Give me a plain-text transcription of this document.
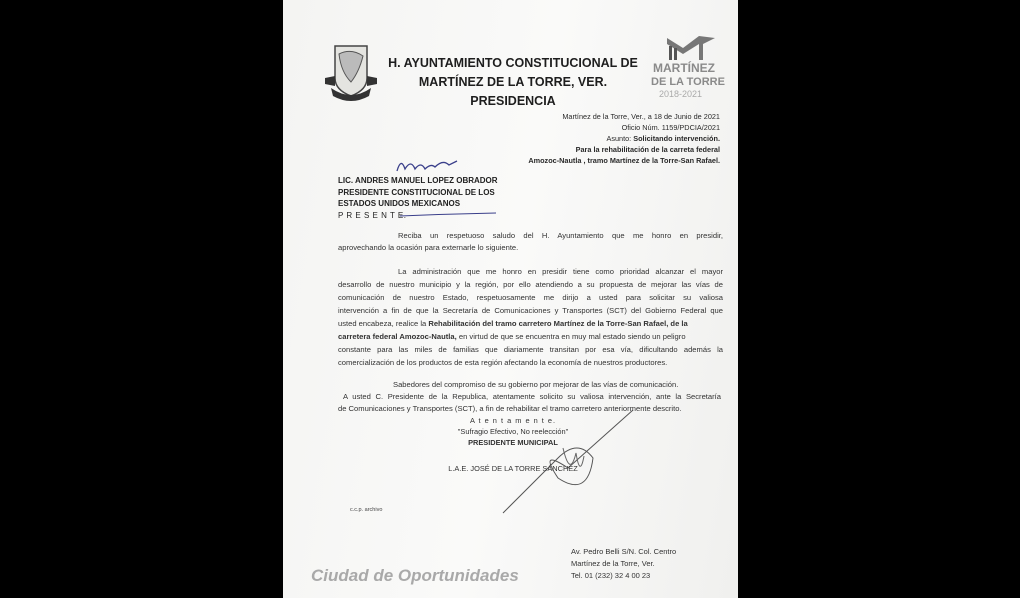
H. AYUNTAMIENTO CONSTITUCIONAL DE
MARTÍNEZ DE LA TORRE, VER.
PRESIDENCIA
MARTÍNEZ
DE LA TORRE
2018-2021
Martínez de la Torre, Ver., a 18 de Junio de 2021
Oficio Núm. 1159/PDCIA/2021
Asunto: Solicitando intervención.
Para la rehabilitación de la carreta federal
Amozoc-Nautla , tramo Martínez de la Torre-San Rafael.
LIC. ANDRES MANUEL LOPEZ OBRADOR
PRESIDENTE CONSTITUCIONAL DE LOS
ESTADOS UNIDOS MEXICANOS
P R E S E N T E.
Reciba un respetuoso saludo del H. Ayuntamiento que me honro en presidir,
aprovechando la ocasión para externarle lo siguiente.
La administración que me honro en presidir tiene como prioridad alcanzar el mayor
desarrollo de nuestro municipio y la región, por ello atendiendo a su propuesta de mejorar las vías de
comunicación de nuestro Estado, respetuosamente me dirijo a usted para solicitar su valiosa
intervención a fin de que la Secretaría de Comunicaciones y Transportes (SCT) del Gobierno Federal que
usted encabeza, realice la Rehabilitación del tramo carretero Martínez de la Torre-San Rafael, de la
carretera federal Amozoc-Nautla, en virtud de que se encuentra en muy mal estado siendo un peligro
constante para las miles de familias que diariamente transitan por esa vía, dificultando además la
comercialización de los productos de esta región afectando la economía de nuestros productores.
Sabedores del compromiso de su gobierno por mejorar de las vías de comunicación.
A usted C. Presidente de la Republica, atentamente solicito su valiosa intervención, ante la Secretaría
de Comunicaciones y Transportes (SCT), a fin de rehabilitar el tramo carretero anteriormente descrito.
A t e n t a m e n t e.
"Sufragio Efectivo, No reelección"
PRESIDENTE MUNICIPAL
L.A.E. JOSÉ DE LA TORRE SÁNCHEZ
c.c.p. archivo
Ciudad de Oportunidades
Av. Pedro Belli S/N. Col. Centro
Martínez de la Torre, Ver.
Tel. 01 (232) 32 4 00 23
